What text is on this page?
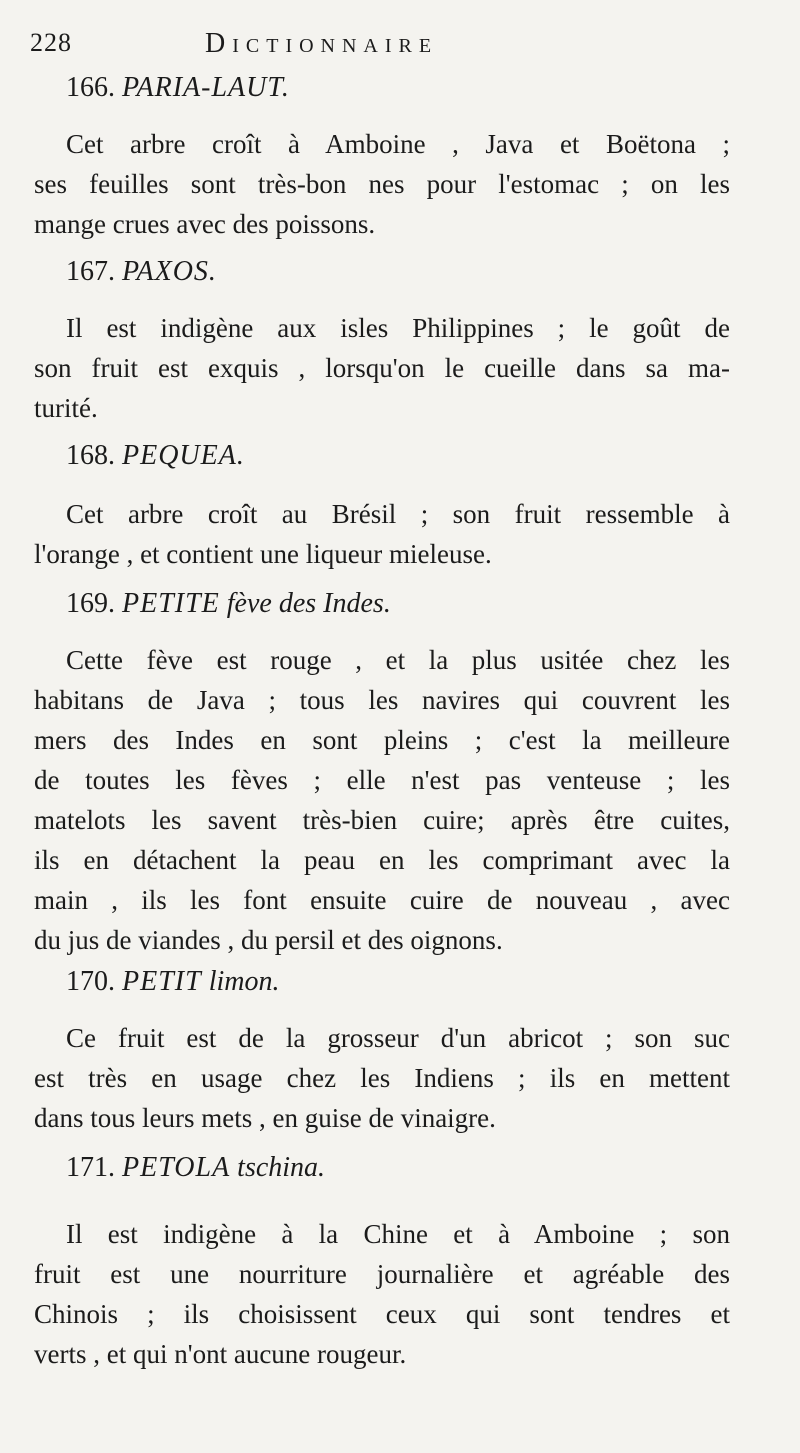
228	Dictionnaire
166. PARIA-LAUT.
Cet arbre croît à Amboine , Java et Boëtona ;
ses feuilles sont très-bon nes pour l'estomac ; on les
mange crues avec des poissons.
167. PAXOS.
Il est indigène aux isles Philippines ; le goût de
son fruit est exquis , lorsqu'on le cueille dans sa ma-
turité.
168. PEQUEA.
Cet arbre croît au Brésil ; son fruit ressemble à
l'orange , et contient une liqueur mieleuse.
169. PETITE fève des Indes.
Cette fève est rouge , et la plus usitée chez les
habitans de Java ; tous les navires qui couvrent les
mers des Indes en sont pleins ; c'est la meilleure
de toutes les fèves ; elle n'est pas venteuse ; les
matelots les savent très-bien cuire; après être cuites,
ils en détachent la peau en les comprimant avec la
main , ils les font ensuite cuire de nouveau , avec
du jus de viandes , du persil et des oignons.
170. PETIT limon.
Ce fruit est de la grosseur d'un abricot ; son suc
est très en usage chez les Indiens ; ils en mettent
dans tous leurs mets , en guise de vinaigre.
171. PETOLA tschina.
Il est indigène à la Chine et à Amboine ; son
fruit est une nourriture journalière et agréable des
Chinois ; ils choisissent ceux qui sont tendres et
verts , et qui n'ont aucune rougeur.
